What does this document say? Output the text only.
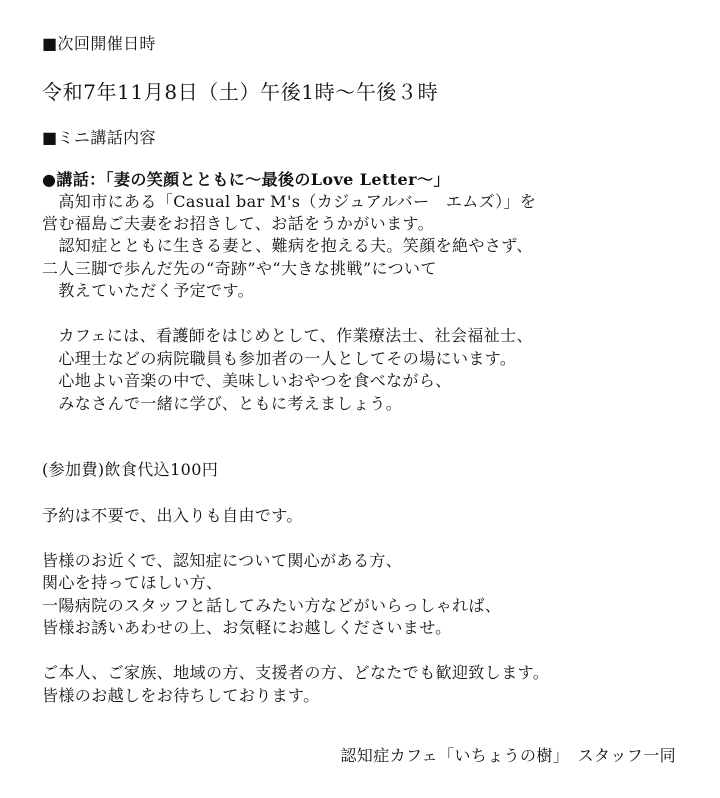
■次回開催日時
令和7年11月8日（土）午後1時～午後３時
■ミニ講話内容
●講話：「妻の笑顔とともに～最後のLove Letter～」
　高知市にある「Casual bar M's（カジュアルバー　エムズ）」を
営む福島ご夫妻をお招きして、お話をうかがいます。
　認知症とともに生きる妻と、難病を抱える夫。笑顔を絶やさず、
二人三脚で歩んだ先の“奇跡”や“大きな挑戦”について
　教えていただく予定です。
　カフェには、看護師をはじめとして、作業療法士、社会福祉士、
　心理士などの病院職員も参加者の一人としてその場にいます。
　心地よい音楽の中で、美味しいおやつを食べながら、
　みなさんで一緒に学び、ともに考えましょう。
(参加費)飲食代込100円
予約は不要で、出入りも自由です。
皆様のお近くで、認知症について関心がある方、
関心を持ってほしい方、
一陽病院のスタッフと話してみたい方などがいらっしゃれば、
皆様お誘いあわせの上、お気軽にお越しくださいませ。
ご本人、ご家族、地域の方、支援者の方、どなたでも歓迎致します。
皆様のお越しをお待ちしております。
認知症カフェ「いちょうの樹」　スタッフ一同
